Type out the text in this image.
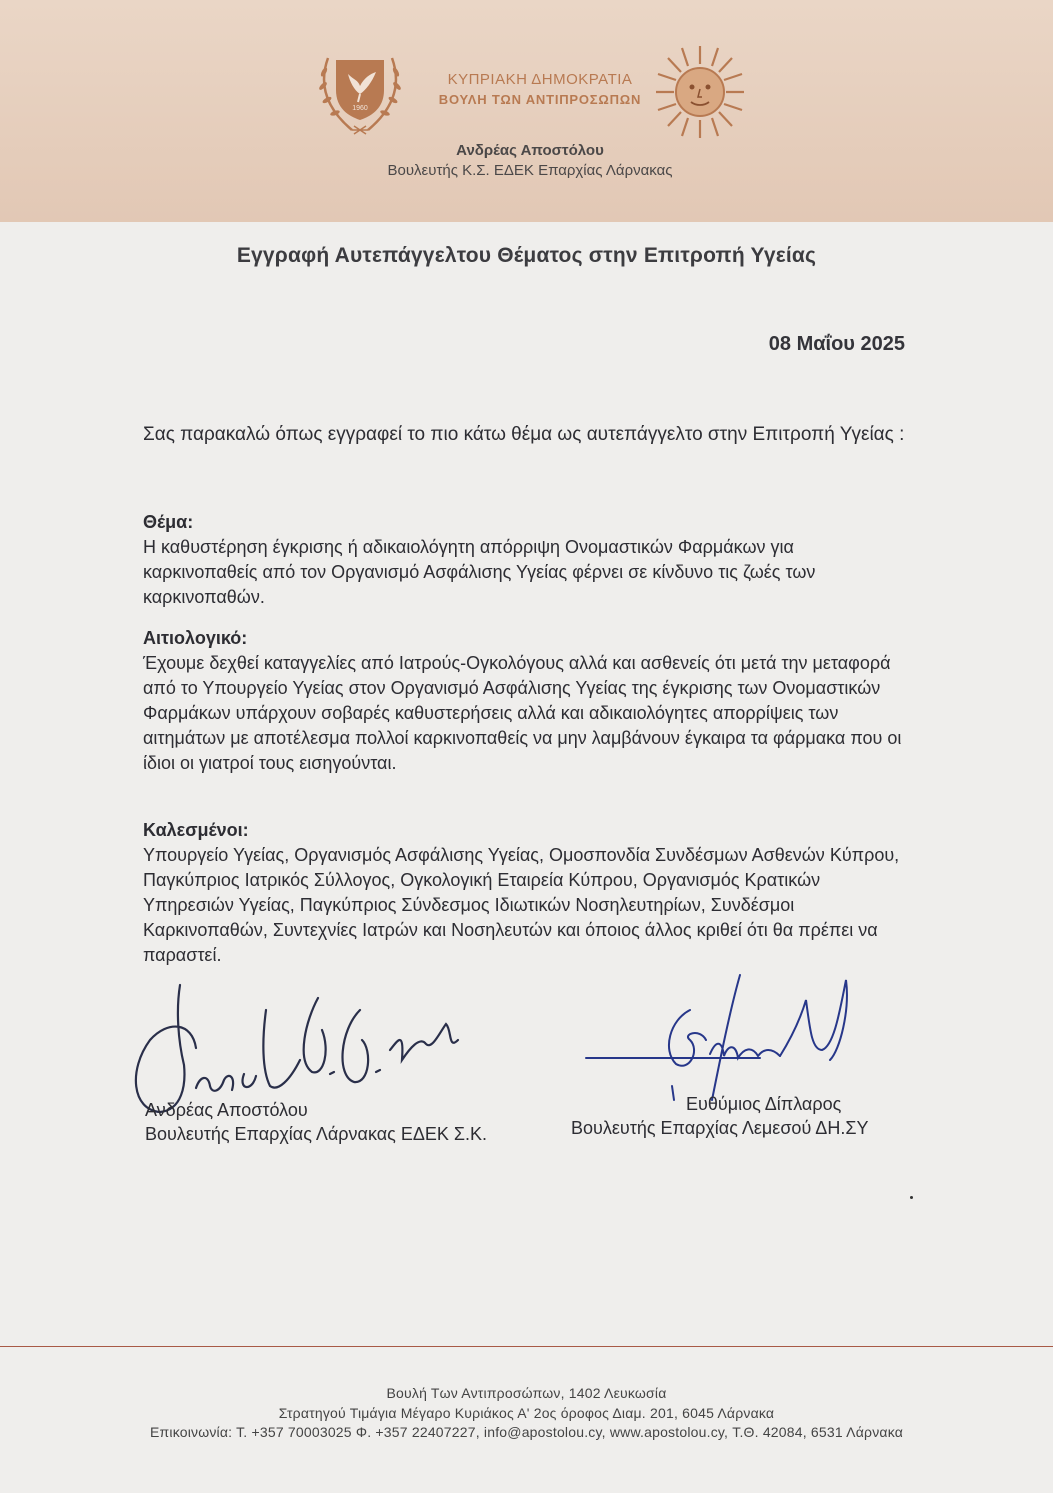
1960
ΚΥΠΡΙΑΚΗ ΔΗΜΟΚΡΑΤΙΑ
ΒΟΥΛΗ ΤΩΝ ΑΝΤΙΠΡΟΣΩΠΩΝ
Ανδρέας Αποστόλου
Βουλευτής Κ.Σ. ΕΔΕΚ Επαρχίας Λάρνακας
Εγγραφή Αυτεπάγγελτου Θέματος στην Επιτροπή Υγείας
08 Μαΐου 2025
Σας παρακαλώ όπως εγγραφεί το πιο κάτω θέμα ως αυτεπάγγελτο στην Επιτροπή Υγείας :
Θέμα:
Η καθυστέρηση έγκρισης ή αδικαιολόγητη απόρριψη Ονομαστικών Φαρμάκων για καρκινοπαθείς από τον Οργανισμό Ασφάλισης Υγείας φέρνει σε κίνδυνο τις ζωές των καρκινοπαθών.
Αιτιολογικό:
Έχουμε δεχθεί καταγγελίες από Ιατρούς-Ογκολόγους αλλά και ασθενείς ότι μετά την μεταφορά από το Υπουργείο Υγείας στον Οργανισμό Ασφάλισης Υγείας της έγκρισης των Ονομαστικών Φαρμάκων υπάρχουν σοβαρές καθυστερήσεις αλλά και αδικαιολόγητες απορρίψεις των αιτημάτων με αποτέλεσμα πολλοί καρκινοπαθείς να μην λαμβάνουν έγκαιρα τα φάρμακα που οι ίδιοι οι γιατροί τους εισηγούνται.
Καλεσμένοι:
Υπουργείο Υγείας, Οργανισμός Ασφάλισης Υγείας, Ομοσπονδία Συνδέσμων Ασθενών Κύπρου, Παγκύπριος Ιατρικός Σύλλογος, Ογκολογική Εταιρεία Κύπρου, Οργανισμός Κρατικών Υπηρεσιών Υγείας, Παγκύπριος Σύνδεσμος Ιδιωτικών Νοσηλευτηρίων, Συνδέσμοι Καρκινοπαθών, Συντεχνίες Ιατρών και Νοσηλευτών και όποιος άλλος κριθεί ότι θα πρέπει να παραστεί.
Ανδρέας Αποστόλου
Βουλευτής Επαρχίας Λάρνακας ΕΔΕΚ Σ.Κ.
Ευθύμιος Δίπλαρος
Βουλευτής Επαρχίας Λεμεσού ΔΗ.ΣΥ
Βουλή Των Αντιπροσώπων, 1402 Λευκωσία
Στρατηγού Τιμάγια Μέγαρο Κυριάκος Α' 2ος όροφος Διαμ. 201, 6045 Λάρνακα
Επικοινωνία: Τ. +357 70003025 Φ. +357 22407227, info@apostolou.cy, www.apostolou.cy, Τ.Θ. 42084, 6531 Λάρνακα
